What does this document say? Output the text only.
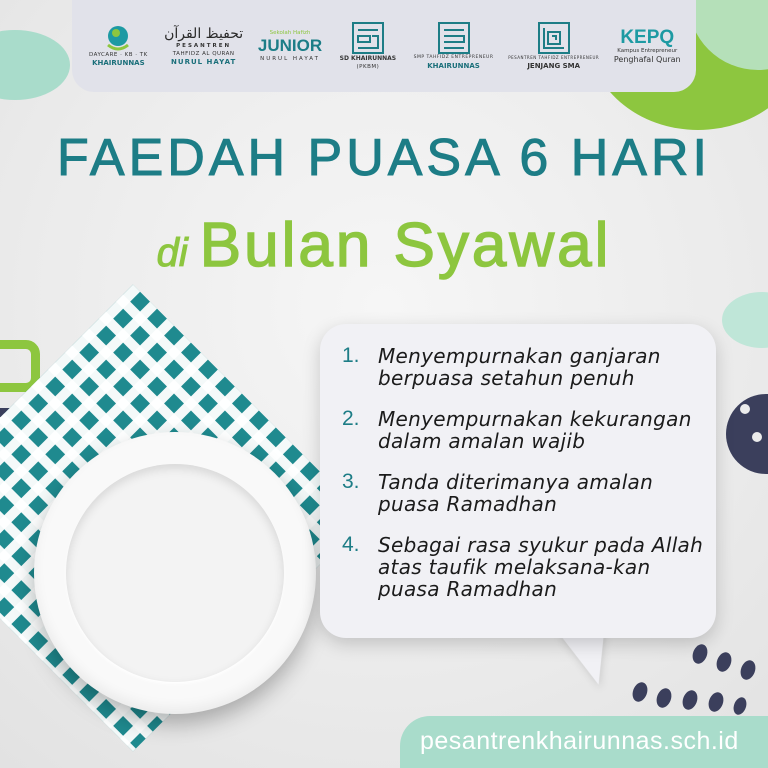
DAYCARE · KB · TK
KHAIRUNNAS
تحفيظ القرآن
PESANTREN
TAHFIDZ AL QURAN
NURUL HAYAT
Sekolah Hafizh
JUNIOR
NURUL HAYAT	SD KHAIRUNNAS
(PKBM)
SMP TAHFIDZ ENTREPRENEUR
KHAIRUNNAS
PESANTREN TAHFIDZ ENTREPRENEUR
JENJANG SMA
KEPQ
Kampus Entrepreneur
Penghafal Quran
FAEDAH PUASA 6 HARI
di Bulan Syawal
1. Menyempurnakan ganjaran berpuasa setahun penuh
2. Menyempurnakan kekurangan dalam amalan wajib
3. Tanda diterimanya amalan puasa Ramadhan
4. Sebagai rasa syukur pada Allah atas taufik melaksana-kan puasa Ramadhan
pesantrenkhairunnas.sch.id
